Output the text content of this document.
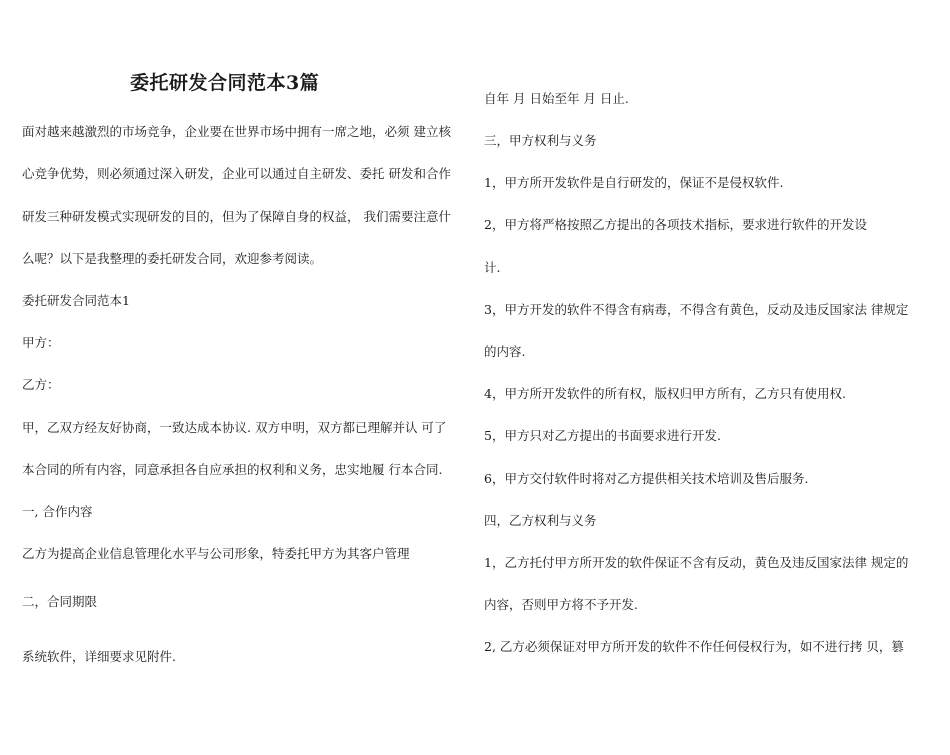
委托研发合同范本3篇
面对越来越激烈的市场竞争，企业要在世界市场中拥有一席之地，必须 建立核
心竞争优势，则必须通过深入研发，企业可以通过自主研发、委托 研发和合作
研发三种研发模式实现研发的目的，但为了保障自身的权益， 我们需要注意什
么呢？以下是我整理的委托研发合同，欢迎参考阅读。
委托研发合同范本1
甲方：
乙方：
甲，乙双方经友好协商，一致达成本协议. 双方申明，双方都已理解并认 可了
本合同的所有内容，同意承担各自应承担的权利和义务，忠实地履 行本合同.
一, 合作内容
乙方为提高企业信息管理化水平与公司形象，特委托甲方为其客户管理
二，合同期限
系统软件，详细要求见附件.
自年 月 日始至年 月 日止.
三，甲方权利与义务
1，甲方所开发软件是自行研发的，保证不是侵权软件.
2，甲方将严格按照乙方提出的各项技术指标，要求进行软件的开发设
计.
3，甲方开发的软件不得含有病毒，不得含有黄色，反动及违反国家法 律规定
的内容.
4，甲方所开发软件的所有权，版权归甲方所有，乙方只有使用权.
5，甲方只对乙方提出的书面要求进行开发.
6，甲方交付软件时将对乙方提供相关技术培训及售后服务.
四，乙方权利与义务
1，乙方托付甲方所开发的软件保证不含有反动，黄色及违反国家法律 规定的
内容，否则甲方将不予开发.
2, 乙方必须保证对甲方所开发的软件不作任何侵权行为，如不进行拷 贝，篡
